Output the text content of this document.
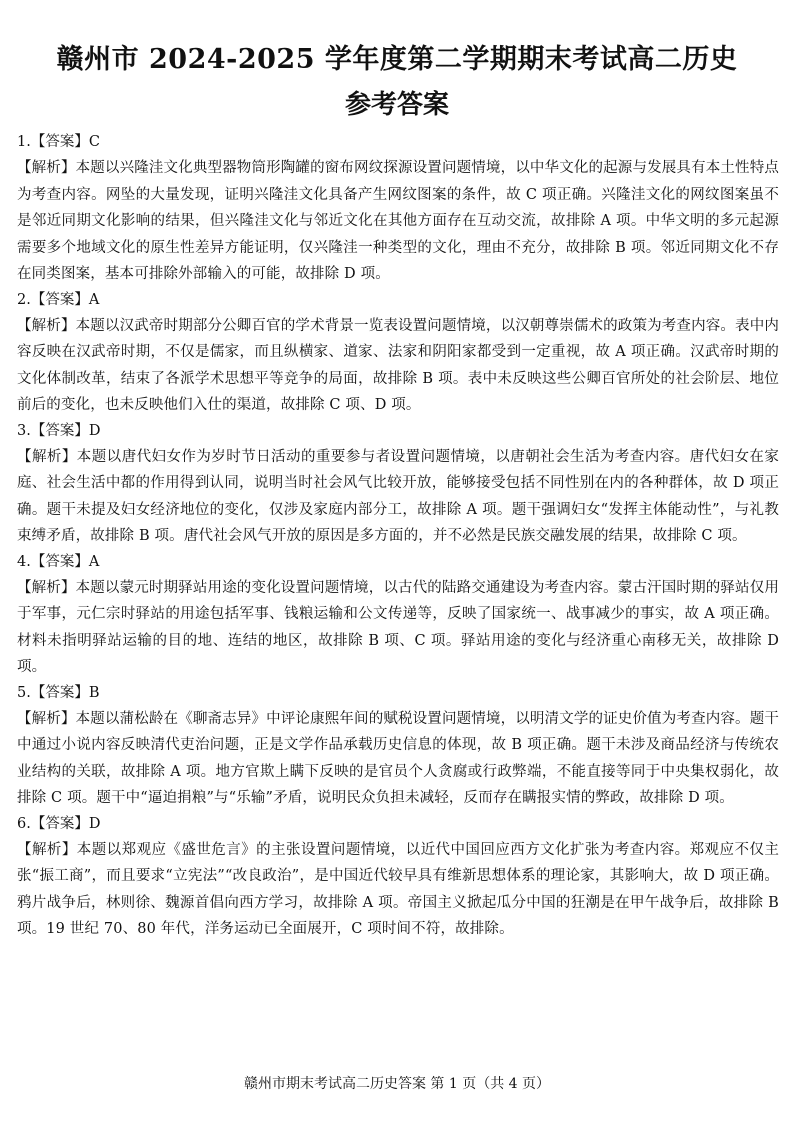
赣州市 2024-2025 学年度第二学期期末考试高二历史
参考答案
1.【答案】C
【解析】本题以兴隆洼文化典型器物筒形陶罐的窗布网纹探源设置问题情境，以中华文化的起源与发展具有本土性特点为考查内容。网坠的大量发现，证明兴隆洼文化具备产生网纹图案的条件，故 C 项正确。兴隆洼文化的网纹图案虽不是邻近同期文化影响的结果，但兴隆洼文化与邻近文化在其他方面存在互动交流，故排除 A 项。中华文明的多元起源需要多个地域文化的原生性差异方能证明，仅兴隆洼一种类型的文化，理由不充分，故排除 B 项。邻近同期文化不存在同类图案，基本可排除外部输入的可能，故排除 D 项。
2.【答案】A
【解析】本题以汉武帝时期部分公卿百官的学术背景一览表设置问题情境，以汉朝尊崇儒术的政策为考查内容。表中内容反映在汉武帝时期，不仅是儒家，而且纵横家、道家、法家和阴阳家都受到一定重视，故 A 项正确。汉武帝时期的文化体制改革，结束了各派学术思想平等竞争的局面，故排除 B 项。表中未反映这些公卿百官所处的社会阶层、地位前后的变化，也未反映他们入仕的渠道，故排除 C 项、D 项。
3.【答案】D
【解析】本题以唐代妇女作为岁时节日活动的重要参与者设置问题情境，以唐朝社会生活为考查内容。唐代妇女在家庭、社会生活中都的作用得到认同，说明当时社会风气比较开放，能够接受包括不同性别在内的各种群体，故 D 项正确。题干未提及妇女经济地位的变化，仅涉及家庭内部分工，故排除 A 项。题干强调妇女“发挥主体能动性”，与礼教束缚矛盾，故排除 B 项。唐代社会风气开放的原因是多方面的，并不必然是民族交融发展的结果，故排除 C 项。
4.【答案】A
【解析】本题以蒙元时期驿站用途的变化设置问题情境，以古代的陆路交通建设为考查内容。蒙古汗国时期的驿站仅用于军事，元仁宗时驿站的用途包括军事、钱粮运输和公文传递等，反映了国家统一、战事减少的事实，故 A 项正确。材料未指明驿站运输的目的地、连结的地区，故排除 B 项、C 项。驿站用途的变化与经济重心南移无关，故排除 D 项。
5.【答案】B
【解析】本题以蒲松龄在《聊斋志异》中评论康熙年间的赋税设置问题情境，以明清文学的证史价值为考查内容。题干中通过小说内容反映清代吏治问题，正是文学作品承载历史信息的体现，故 B 项正确。题干未涉及商品经济与传统农业结构的关联，故排除 A 项。地方官欺上瞒下反映的是官员个人贪腐或行政弊端，不能直接等同于中央集权弱化，故排除 C 项。题干中“逼迫捐粮”与“乐输”矛盾，说明民众负担未减轻，反而存在瞒报实情的弊政，故排除 D 项。
6.【答案】D
【解析】本题以郑观应《盛世危言》的主张设置问题情境，以近代中国回应西方文化扩张为考查内容。郑观应不仅主张“振工商”，而且要求“立宪法”“改良政治”，是中国近代较早具有维新思想体系的理论家，其影响大，故 D 项正确。鸦片战争后，林则徐、魏源首倡向西方学习，故排除 A 项。帝国主义掀起瓜分中国的狂潮是在甲午战争后，故排除 B 项。19 世纪 70、80 年代，洋务运动已全面展开，C 项时间不符，故排除。
赣州市期末考试高二历史答案 第 1 页（共 4 页）
